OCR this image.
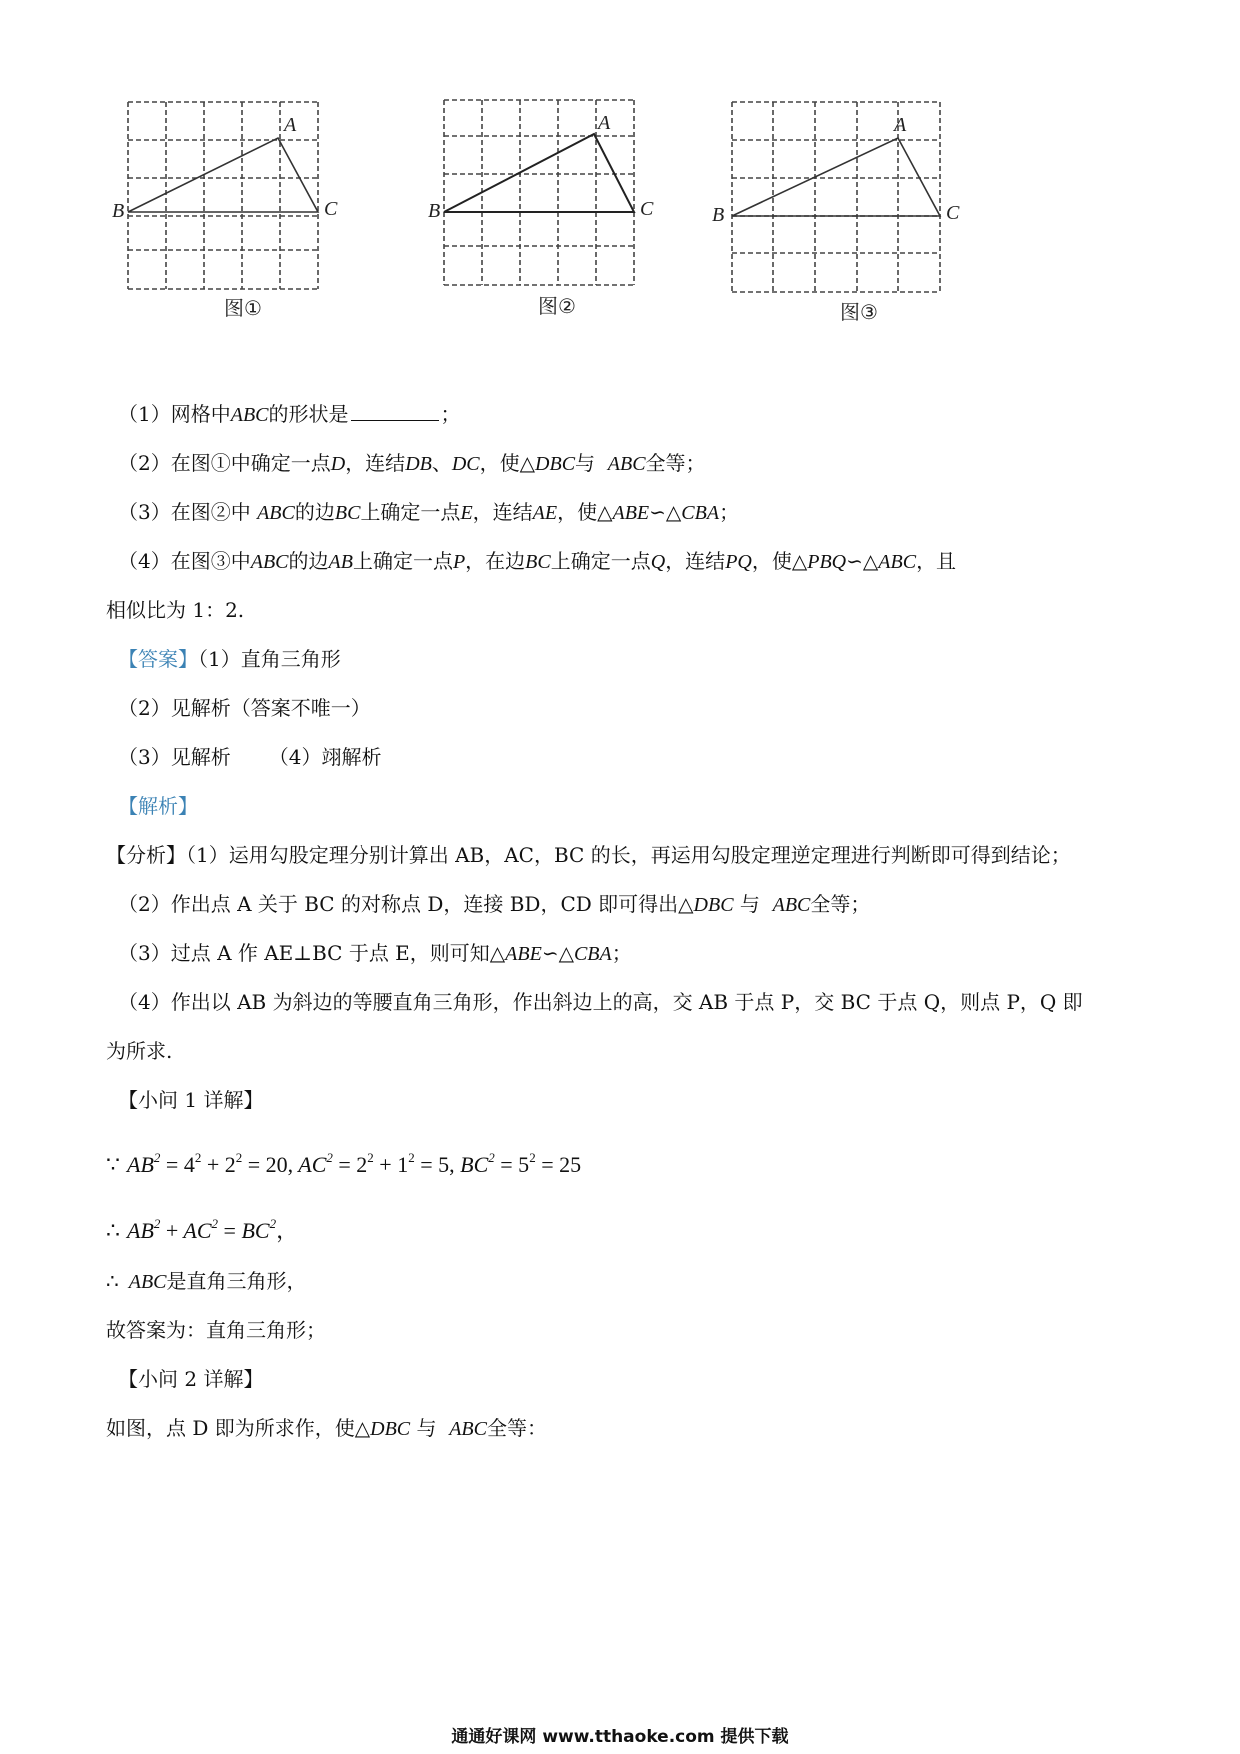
A
B	C
图①
A
B	C
图②
A
B	C
图③
（1）网格中ABC的形状是	；
（2）在图①中确定一点D，连结DB、DC，使△DBC与 ABC全等；
（3）在图②中 ABC的边BC上确定一点E，连结AE，使△ABE∽△CBA；
（4）在图③中ABC的边AB上确定一点P，在边BC上确定一点Q，连结PQ，使△PBQ∽△ABC，且
相似比为 1：2.
【答案】（1）直角三角形
（2）见解析（答案不唯一）
（3）见解析 （4）翊解析
【解析】
【分析】（1）运用勾股定理分别计算出 AB，AC，BC 的长，再运用勾股定理逆定理进行判断即可得到结论；
（2）作出点 A 关于 BC 的对称点 D，连接 BD，CD 即可得出△DBC 与 ABC全等；
（3）过点 A 作 AE⊥BC 于点 E，则可知△ABE∽△CBA；
（4）作出以 AB 为斜边的等腰直角三角形，作出斜边上的高，交 AB 于点 P，交 BC 于点 Q，则点 P，Q 即
为所求.
【小问 1 详解】
∵ $AB^2 = 4^2 + 2^2 = 20$, $AC^2 = 2^2 + 1^2 = 5$, $BC^2 = 5^2 = 25$
∴ $AB^2 + AC^2 = BC^2$，
∴ ABC是直角三角形，
故答案为：直角三角形；
【小问 2 详解】
如图，点 D 即为所求作，使△DBC 与 ABC全等：
通通好课网 www.tthaoke.com 提供下载
